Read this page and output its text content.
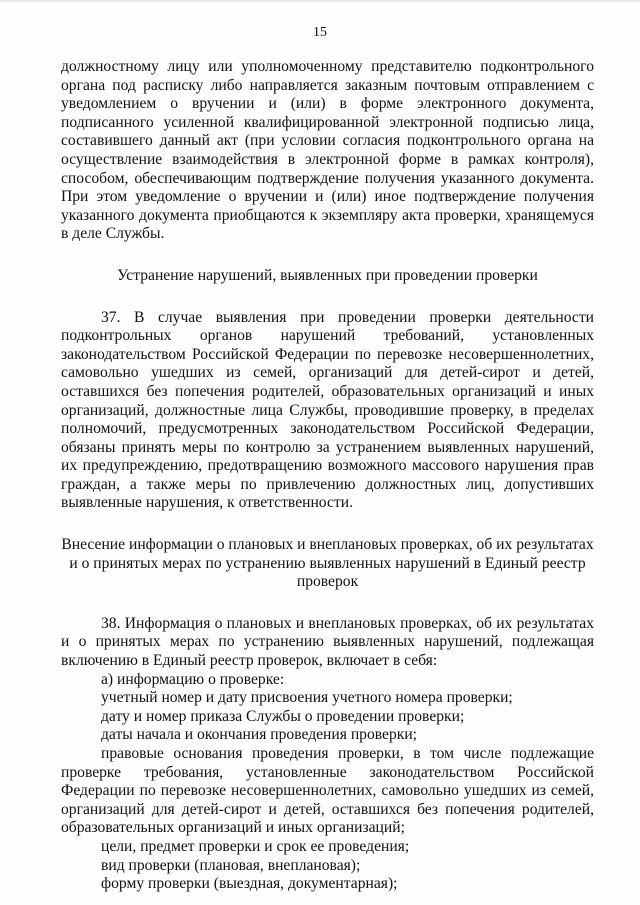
15

должностному лицу или уполномоченному представителю подконтрольного органа под расписку либо направляется заказным почтовым отправлением с уведомлением о вручении и (или) в форме электронного документа, подписанного усиленной квалифицированной электронной подписью лица, составившего данный акт (при условии согласия подконтрольного органа на осуществление взаимодействия в электронной форме в рамках контроля), способом, обеспечивающим подтверждение получения указанного документа. При этом уведомление о вручении и (или) иное подтверждение получения указанного документа приобщаются к экземпляру акта проверки, хранящемуся в деле Службы.

Устранение нарушений, выявленных при проведении проверки

37. В случае выявления при проведении проверки деятельности подконтрольных органов нарушений требований, установленных законодательством Российской Федерации по перевозке несовершеннолетних, самовольно ушедших из семей, организаций для детей-сирот и детей, оставшихся без попечения родителей, образовательных организаций и иных организаций, должностные лица Службы, проводившие проверку, в пределах полномочий, предусмотренных законодательством Российской Федерации, обязаны принять меры по контролю за устранением выявленных нарушений, их предупреждению, предотвращению возможного массового нарушения прав граждан, а также меры по привлечению должностных лиц, допустивших выявленные нарушения, к ответственности.

Внесение информации о плановых и внеплановых проверках, об их результатах и о принятых мерах по устранению выявленных нарушений в Единый реестр проверок

38. Информация о плановых и внеплановых проверках, об их результатах и о принятых мерах по устранению выявленных нарушений, подлежащая включению в Единый реестр проверок, включает в себя:

а) информацию о проверке:

учетный номер и дату присвоения учетного номера проверки;

дату и номер приказа Службы о проведении проверки;

даты начала и окончания проведения проверки;

правовые основания проведения проверки, в том числе подлежащие проверке требования, установленные законодательством Российской Федерации по перевозке несовершеннолетних, самовольно ушедших из семей, организаций для детей-сирот и детей, оставшихся без попечения родителей, образовательных организаций и иных организаций;

цели, предмет проверки и срок ее проведения;

вид проверки (плановая, внеплановая);

форму проверки (выездная, документарная);
